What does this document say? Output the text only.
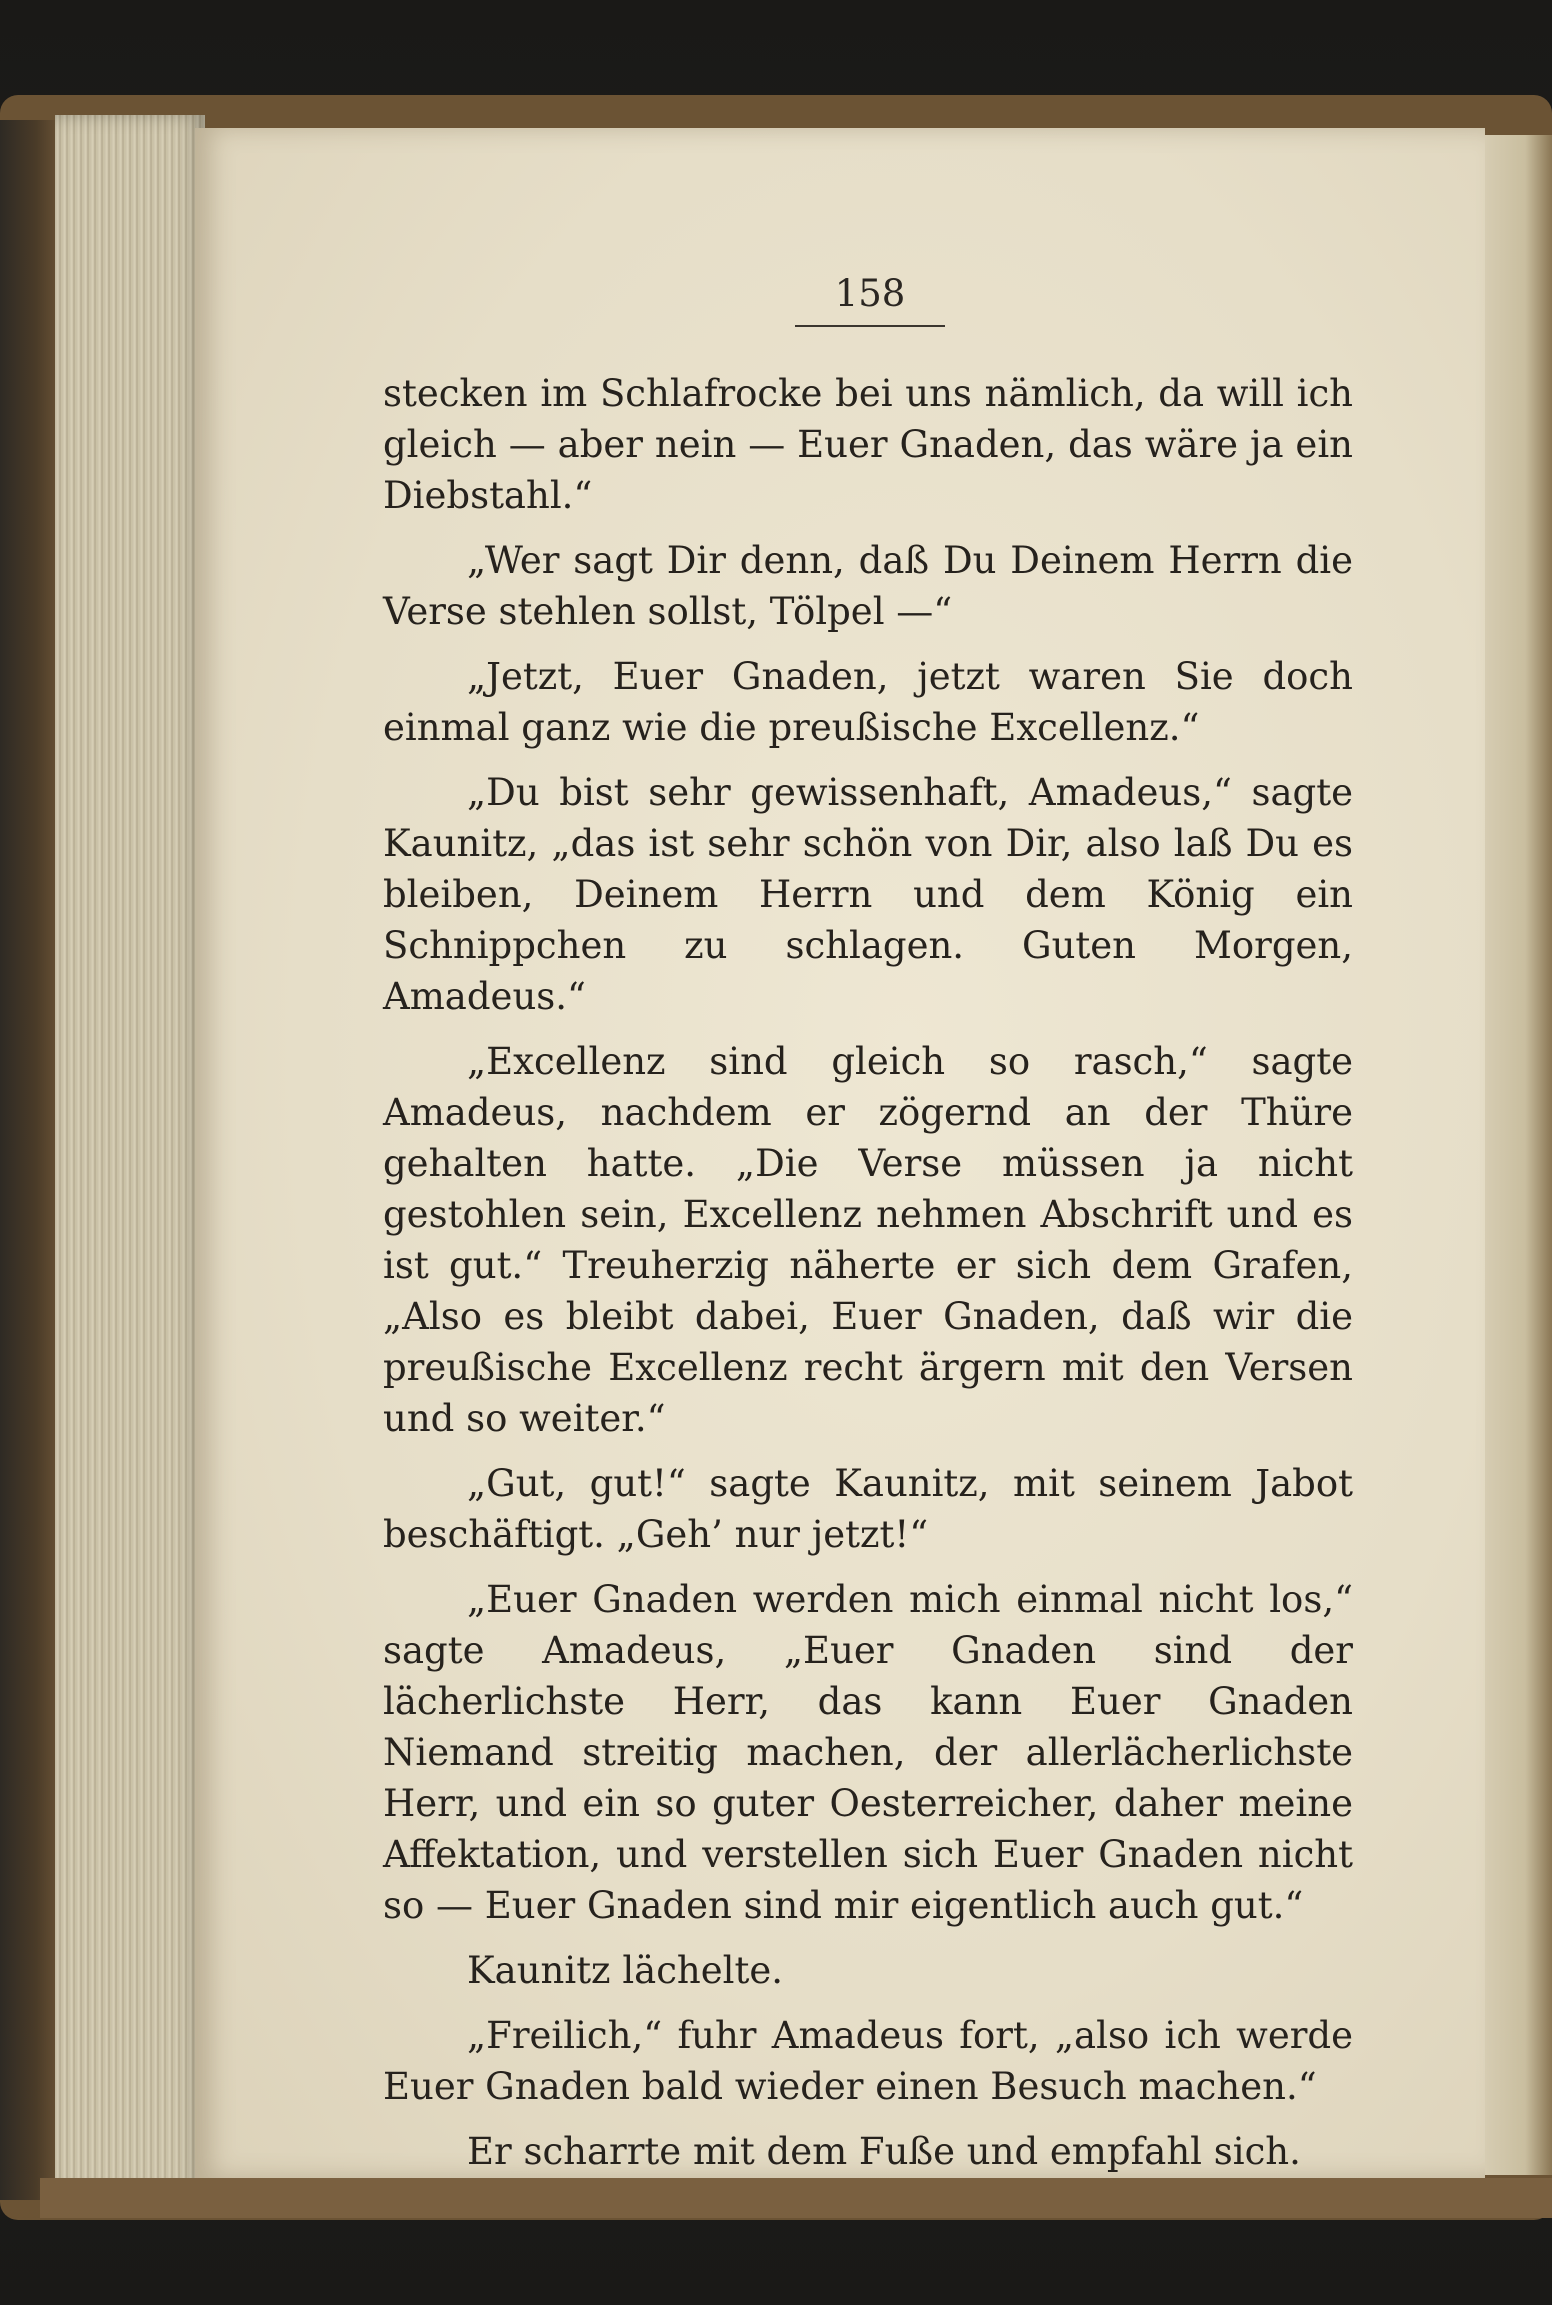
158

stecken im Schlafrocke bei uns nämlich, da will ich gleich — aber nein — Euer Gnaden, das wäre ja ein Diebstahl.“

„Wer sagt Dir denn, daß Du Deinem Herrn die Verse stehlen sollst, Tölpel —“

„Jetzt, Euer Gnaden, jetzt waren Sie doch einmal ganz wie die preußische Excellenz.“

„Du bist sehr gewissenhaft, Amadeus,“ sagte Kaunitz, „das ist sehr schön von Dir, also laß Du es bleiben, Deinem Herrn und dem König ein Schnippchen zu schlagen. Guten Morgen, Amadeus.“

„Excellenz sind gleich so rasch,“ sagte Amadeus, nachdem er zögernd an der Thüre gehalten hatte. „Die Verse müssen ja nicht gestohlen sein, Excellenz nehmen Abschrift und es ist gut.“ Treuherzig näherte er sich dem Grafen, „Also es bleibt dabei, Euer Gnaden, daß wir die preußische Excellenz recht ärgern mit den Versen und so weiter.“

„Gut, gut!“ sagte Kaunitz, mit seinem Jabot beschäftigt. „Geh’ nur jetzt!“

„Euer Gnaden werden mich einmal nicht los,“ sagte Amadeus, „Euer Gnaden sind der lächerlichste Herr, das kann Euer Gnaden Niemand streitig machen, der allerlächerlichste Herr, und ein so guter Oesterreicher, daher meine Affektation, und verstellen sich Euer Gnaden nicht so — Euer Gnaden sind mir eigentlich auch gut.“

Kaunitz lächelte.

„Freilich,“ fuhr Amadeus fort, „also ich werde Euer Gnaden bald wieder einen Besuch machen.“

Er scharrte mit dem Fuße und empfahl sich.
